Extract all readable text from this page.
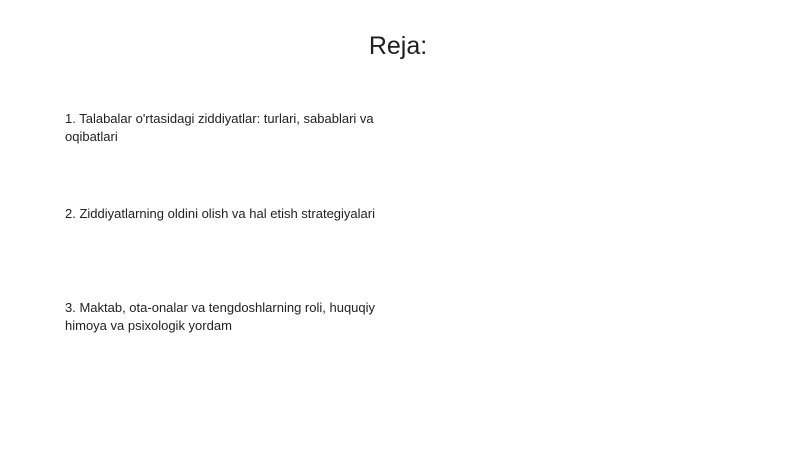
Reja:
1. Talabalar o'rtasidagi ziddiyatlar: turlari, sabablari va oqibatlari
2. Ziddiyatlarning oldini olish va hal etish strategiyalari
3. Maktab, ota-onalar va tengdoshlarning roli, huquqiy himoya va psixologik yordam
